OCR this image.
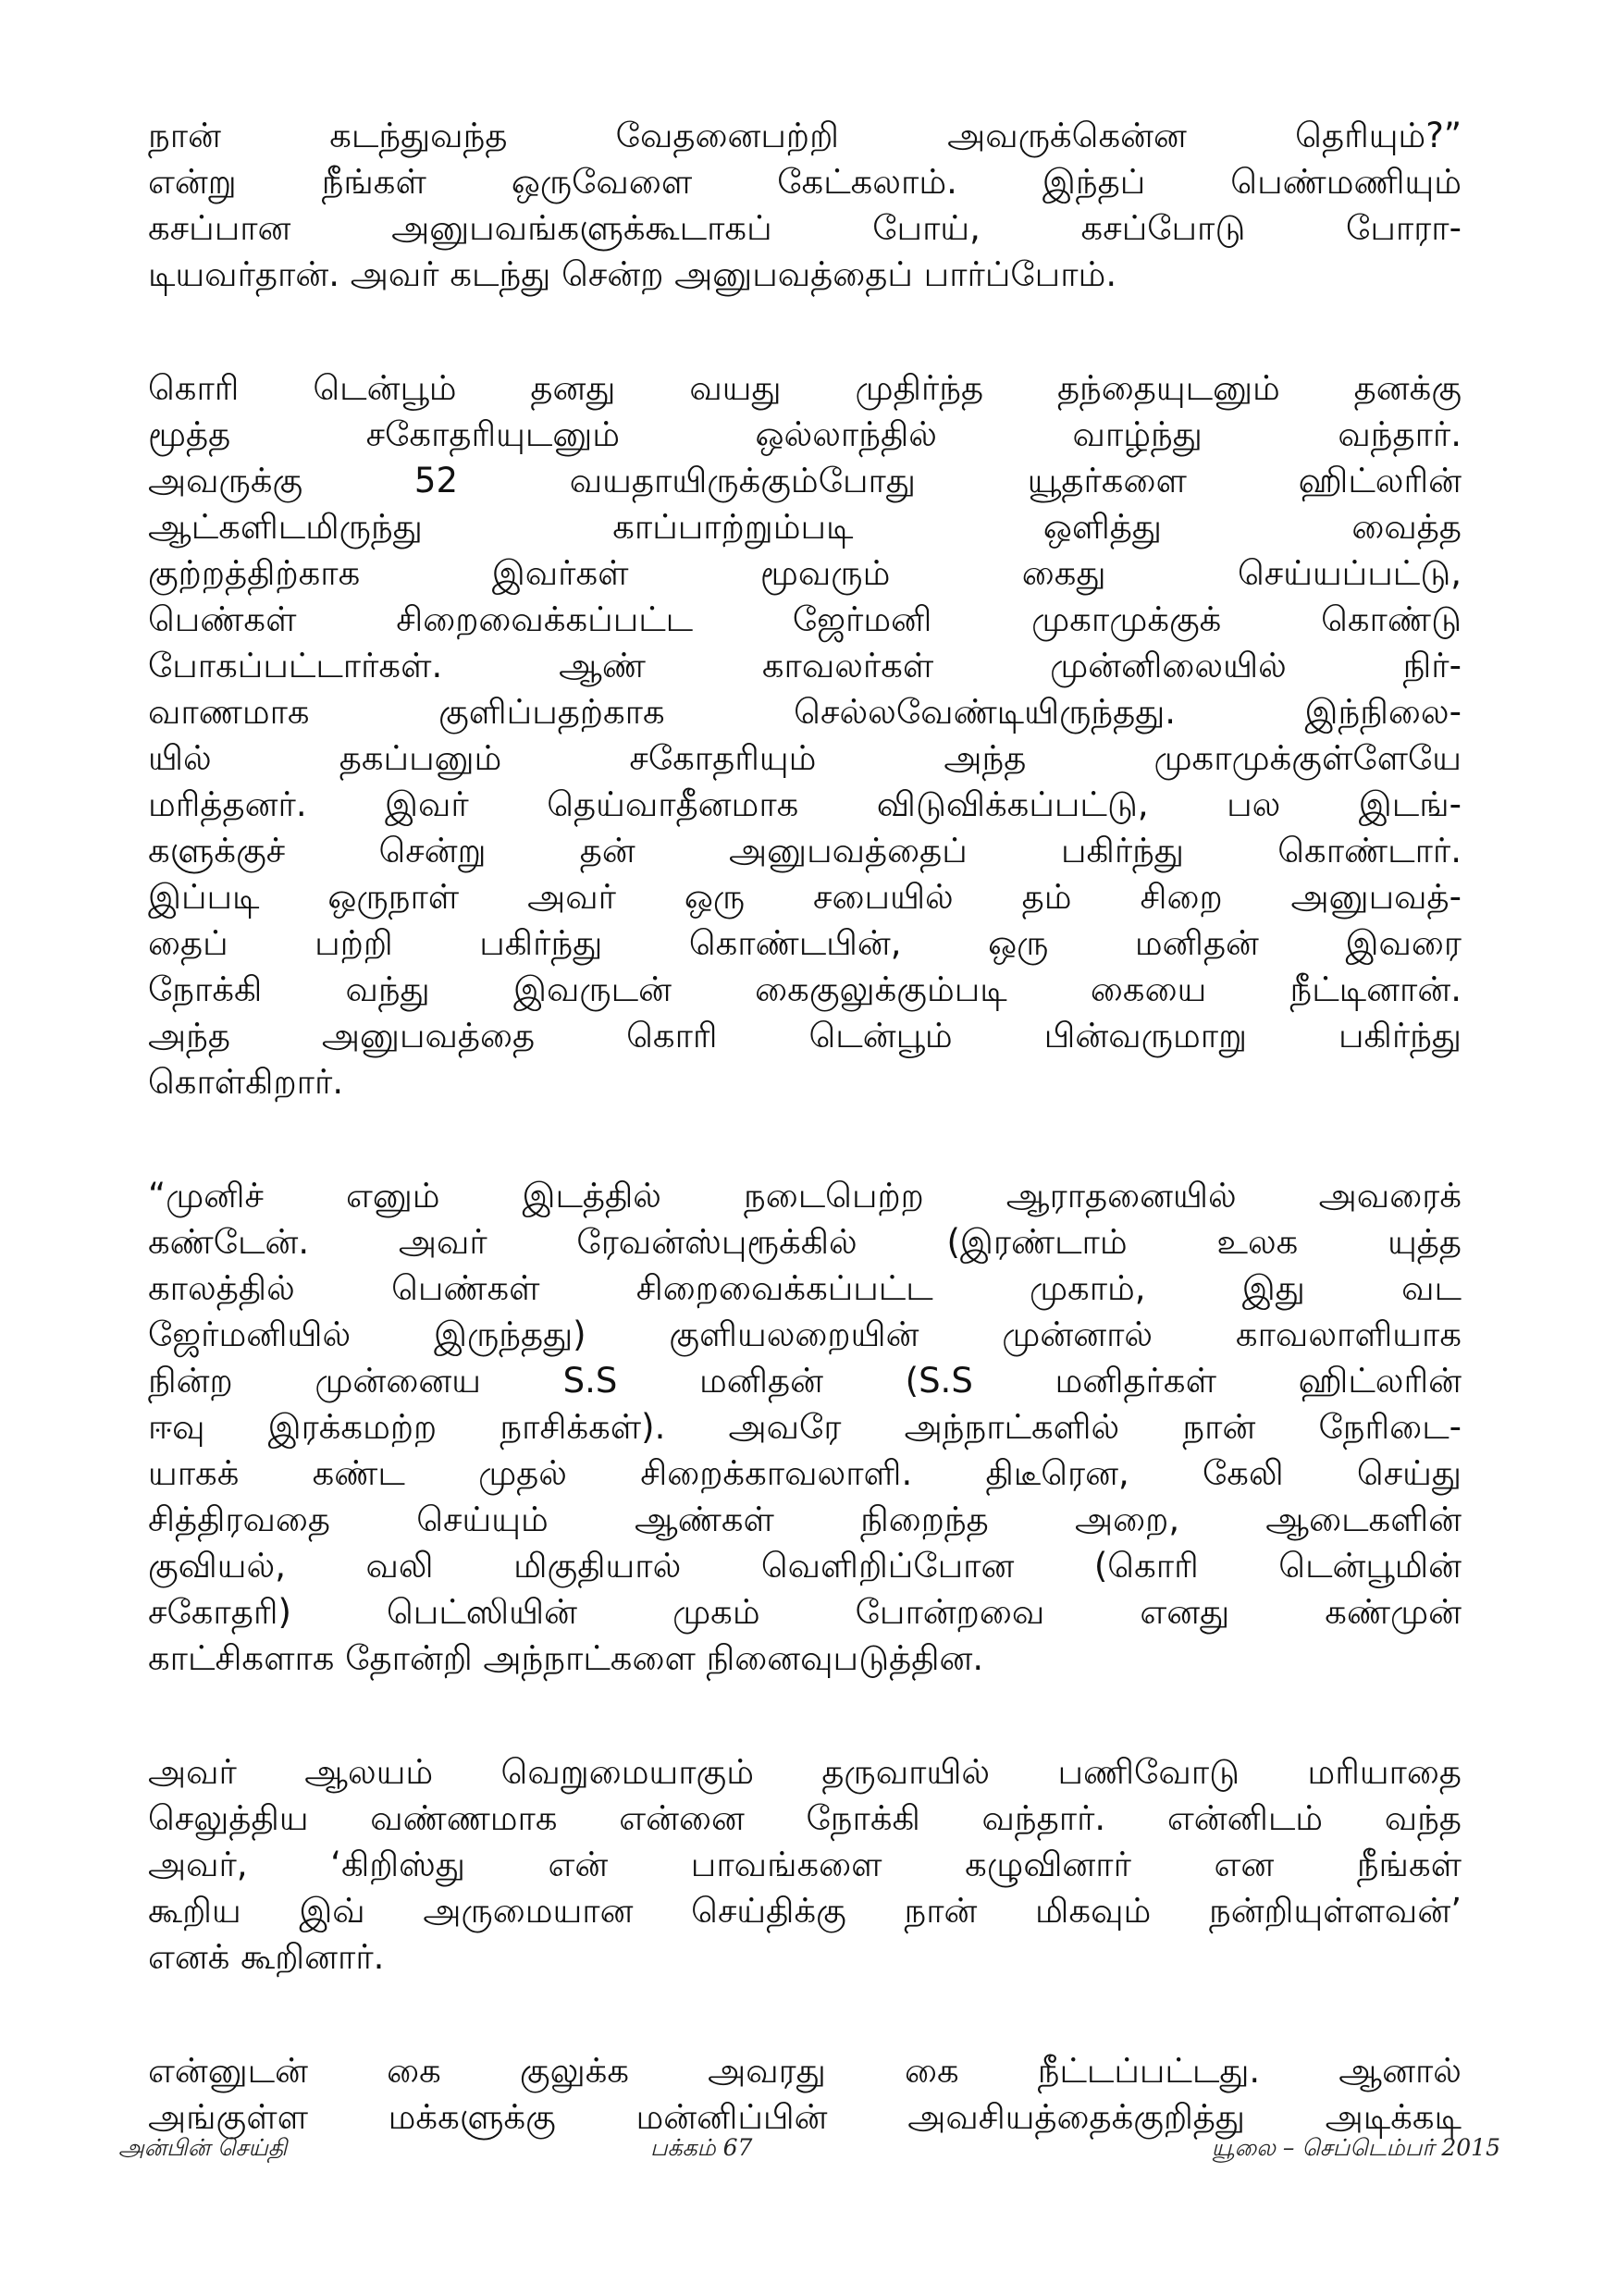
நான் கடந்துவந்த வேதனைபற்றி அவருக்கென்ன தெரியும்?”
என்று நீங்கள் ஒருவேளை கேட்கலாம். இந்தப் பெண்மணியும்
கசப்பான அனுபவங்களுக்கூடாகப் போய், கசப்போடு போரா-
டியவர்தான். அவர் கடந்து சென்ற அனுபவத்தைப் பார்ப்போம்.
கொரி டென்பூம் தனது வயது முதிர்ந்த தந்தையுடனும் தனக்கு
மூத்த சகோதரியுடனும் ஒல்லாந்தில் வாழ்ந்து வந்தார்.
அவருக்கு 52 வயதாயிருக்கும்போது யூதர்களை ஹிட்லரின்
ஆட்களிடமிருந்து காப்பாற்றும்படி ஒளித்து வைத்த
குற்றத்திற்காக இவர்கள் மூவரும் கைது செய்யப்பட்டு,
பெண்கள் சிறைவைக்கப்பட்ட ஜேர்மனி முகாமுக்குக் கொண்டு
போகப்பட்டார்கள். ஆண் காவலர்கள் முன்னிலையில் நிர்-
வாணமாக குளிப்பதற்காக செல்லவேண்டியிருந்தது. இந்நிலை-
யில் தகப்பனும் சகோதரியும் அந்த முகாமுக்குள்ளேயே
மரித்தனர். இவர் தெய்வாதீனமாக விடுவிக்கப்பட்டு, பல இடங்-
களுக்குச் சென்று தன் அனுபவத்தைப் பகிர்ந்து கொண்டார்.
இப்படி ஒருநாள் அவர் ஒரு சபையில் தம் சிறை அனுபவத்-
தைப் பற்றி பகிர்ந்து கொண்டபின், ஒரு மனிதன் இவரை
நோக்கி வந்து இவருடன் கைகுலுக்கும்படி கையை நீட்டினான்.
அந்த அனுபவத்தை கொரி டென்பூம் பின்வருமாறு பகிர்ந்து
கொள்கிறார்.
“முனிச் எனும் இடத்தில் நடைபெற்ற ஆராதனையில் அவரைக்
கண்டேன். அவர் ரேவன்ஸ்புரூக்கில் (இரண்டாம் உலக யுத்த
காலத்தில் பெண்கள் சிறைவைக்கப்பட்ட முகாம், இது வட
ஜேர்மனியில் இருந்தது) குளியலறையின் முன்னால் காவலாளியாக
நின்ற முன்னைய S.S மனிதன் (S.S மனிதர்கள் ஹிட்லரின்
ஈவு இரக்கமற்ற நாசிக்கள்). அவரே அந்நாட்களில் நான் நேரிடை-
யாகக் கண்ட முதல் சிறைக்காவலாளி. திடீரென, கேலி செய்து
சித்திரவதை செய்யும் ஆண்கள் நிறைந்த அறை, ஆடைகளின்
குவியல், வலி மிகுதியால் வெளிறிப்போன (கொரி டென்பூமின்
சகோதரி) பெட்ஸியின் முகம் போன்றவை எனது கண்முன்
காட்சிகளாக தோன்றி அந்நாட்களை நினைவுபடுத்தின.
அவர் ஆலயம் வெறுமையாகும் தருவாயில் பணிவோடு மரியாதை
செலுத்திய வண்ணமாக என்னை நோக்கி வந்தார். என்னிடம் வந்த
அவர், ‘கிறிஸ்து என் பாவங்களை கழுவினார் என நீங்கள்
கூறிய இவ் அருமையான செய்திக்கு நான் மிகவும் நன்றியுள்ளவன்’
எனக் கூறினார்.
என்னுடன் கை குலுக்க அவரது கை நீட்டப்பட்டது. ஆனால்
அங்குள்ள மக்களுக்கு மன்னிப்பின் அவசியத்தைக்குறித்து அடிக்கடி
அன்பின் செய்தி	பக்கம் 67	யூலை – செப்டெம்பர் 2015
